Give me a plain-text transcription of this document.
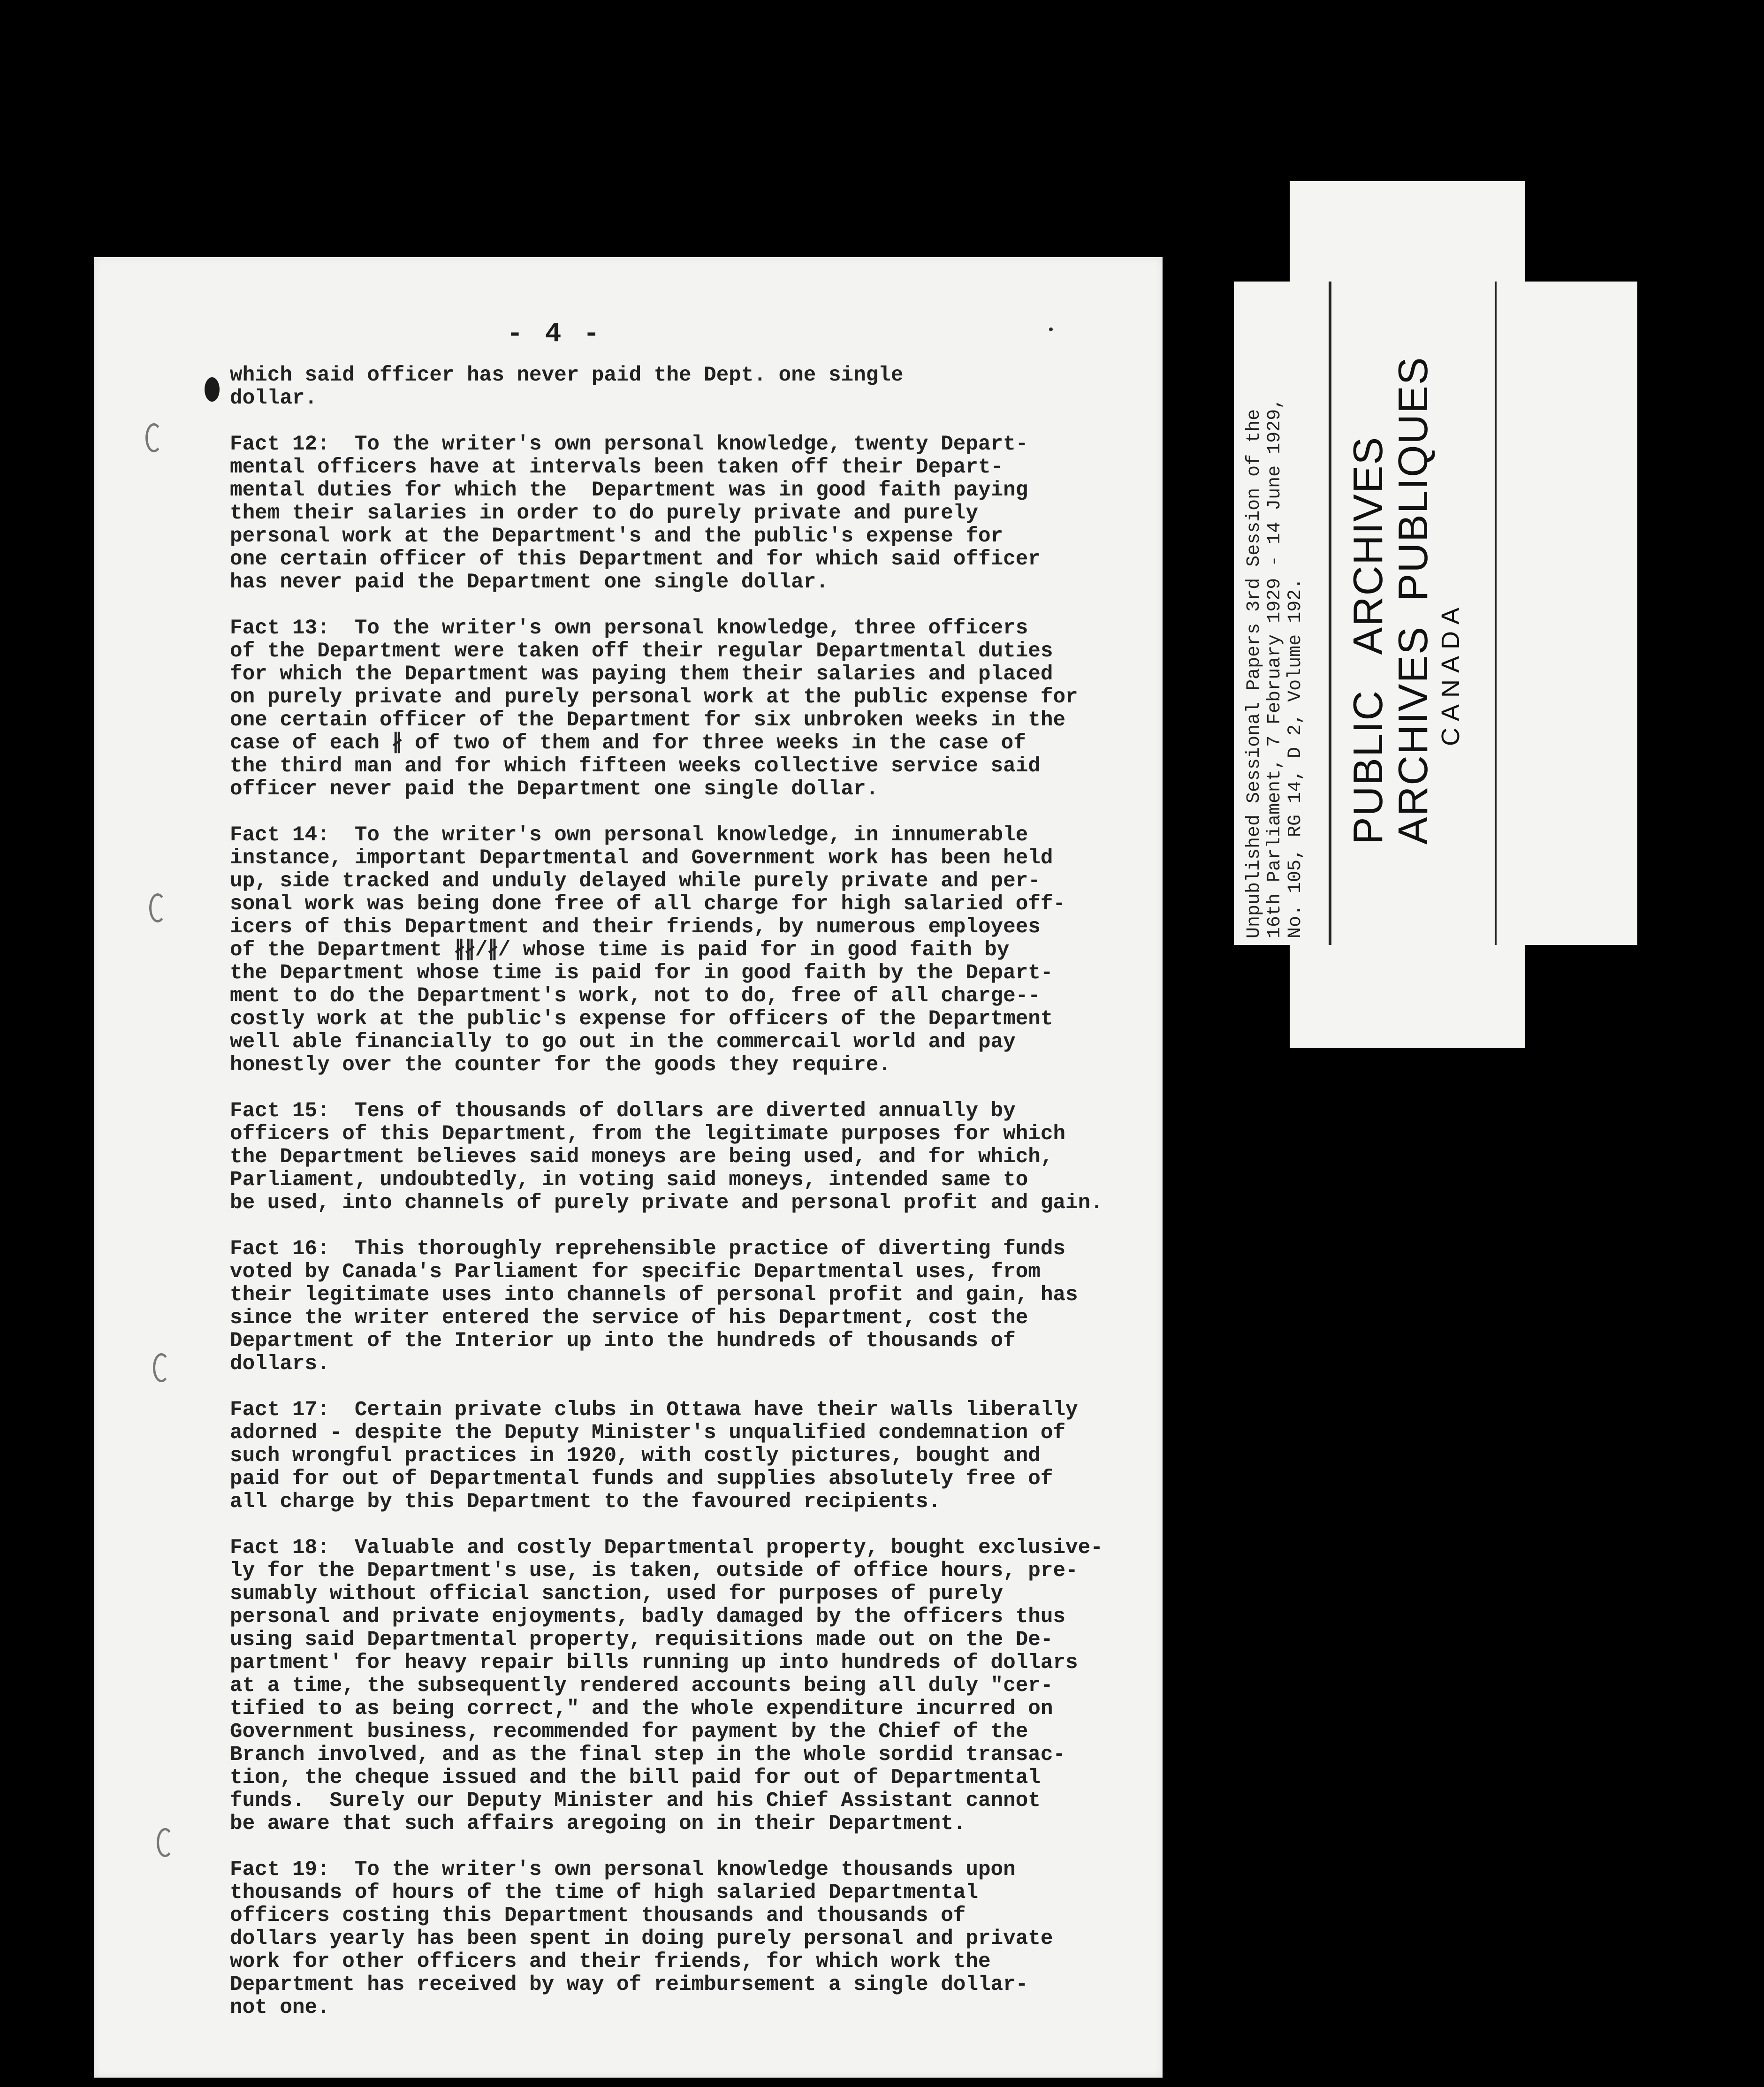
- 4 -
which said officer has never paid the Dept. one single
dollar.
Fact 12:  To the writer's own personal knowledge, twenty Depart-
mental officers have at intervals been taken off their Depart-
mental duties for which the  Department was in good faith paying
them their salaries in order to do purely private and purely
personal work at the Department's and the public's expense for
one certain officer of this Department and for which said officer
has never paid the Department one single dollar.
Fact 13:  To the writer's own personal knowledge, three officers
of the Department were taken off their regular Departmental duties
for which the Department was paying them their salaries and placed
on purely private and purely personal work at the public expense for
one certain officer of the Department for six unbroken weeks in the
case of each ∦ of two of them and for three weeks in the case of
the third man and for which fifteen weeks collective service said
officer never paid the Department one single dollar.
Fact 14:  To the writer's own personal knowledge, in innumerable
instance, important Departmental and Government work has been held
up, side tracked and unduly delayed while purely private and per-
sonal work was being done free of all charge for high salaried off-
icers of this Department and their friends, by numerous employees
of the Department ∦∦/∦/ whose time is paid for in good faith by
the Department whose time is paid for in good faith by the Depart-
ment to do the Department's work, not to do, free of all charge--
costly work at the public's expense for officers of the Department
well able financially to go out in the commercail world and pay
honestly over the counter for the goods they require.
Fact 15:  Tens of thousands of dollars are diverted annually by
officers of this Department, from the legitimate purposes for which
the Department believes said moneys are being used, and for which,
Parliament, undoubtedly, in voting said moneys, intended same to
be used, into channels of purely private and personal profit and gain.
Fact 16:  This thoroughly reprehensible practice of diverting funds
voted by Canada's Parliament for specific Departmental uses, from
their legitimate uses into channels of personal profit and gain, has
since the writer entered the service of his Department, cost the
Department of the Interior up into the hundreds of thousands of
dollars.
Fact 17:  Certain private clubs in Ottawa have their walls liberally
adorned - despite the Deputy Minister's unqualified condemnation of
such wrongful practices in 1920, with costly pictures, bought and
paid for out of Departmental funds and supplies absolutely free of
all charge by this Department to the favoured recipients.
Fact 18:  Valuable and costly Departmental property, bought exclusive-
ly for the Department's use, is taken, outside of office hours, pre-
sumably without official sanction, used for purposes of purely
personal and private enjoyments, badly damaged by the officers thus
using said Departmental property, requisitions made out on the De-
partment' for heavy repair bills running up into hundreds of dollars
at a time, the subsequently rendered accounts being all duly "cer-
tified to as being correct," and the whole expenditure incurred on
Government business, recommended for payment by the Chief of the
Branch involved, and as the final step in the whole sordid transac-
tion, the cheque issued and the bill paid for out of Departmental
funds.  Surely our Deputy Minister and his Chief Assistant cannot
be aware that such affairs aregoing on in their Department.
Fact 19:  To the writer's own personal knowledge thousands upon
thousands of hours of the time of high salaried Departmental
officers costing this Department thousands and thousands of
dollars yearly has been spent in doing purely personal and private
work for other officers and their friends, for which work the
Department has received by way of reimbursement a single dollar-
not one.
Unpublished Sessional Papers 3rd Session of the 16th Parliament, 7 February 1929 - 14 June 1929, No. 105, RG 14, D 2, Volume 192. PUBLIC   ARCHIVES
ARCHIVES  PUBLIQUES CANADA
